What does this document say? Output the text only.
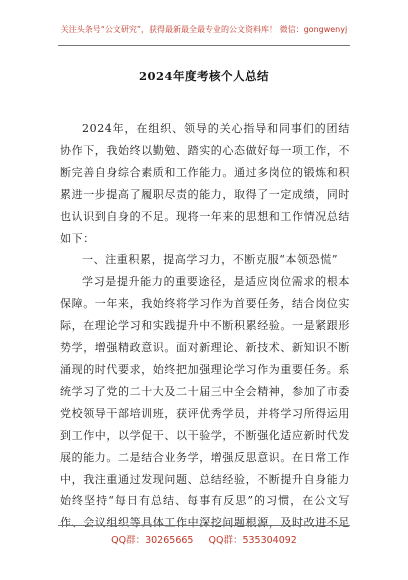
关注头条号“公文研究”，获得最新最全最专业的公文资料库！ 微信：gongwenyj
2024年度考核个人总结

2024年，在组织、领导的关心指导和同事们的团结协作下，我始终以勤勉、踏实的心态做好每一项工作，不断完善自身综合素质和工作能力。通过多岗位的锻炼和积累进一步提高了履职尽责的能力，取得了一定成绩，同时也认识到自身的不足。现将一年来的思想和工作情况总结如下：

一、注重积累，提高学习力，不断克服“本领恐慌”

学习是提升能力的重要途径，是适应岗位需求的根本保障。一年来，我始终将学习作为首要任务，结合岗位实际，在理论学习和实践提升中不断积累经验。一是紧跟形势学，增强精政意识。面对新理论、新技术、新知识不断涌现的时代要求，始终把加强理论学习作为重要任务。系统学习了党的二十大及二十届三中全会精神，参加了市委党校领导干部培训班，获评优秀学员，并将学习所得运用到工作中，以学促干、以干验学，不断强化适应新时代发展的能力。二是结合业务学，增强反思意识。在日常工作中，我注重通过发现问题、总结经验，不断提升自身能力始终坚持“每日有总结、每事有反思”的习惯，在公文写作、会议组织等具体工作中深挖问题根源，及时改进不足

QQ群：30265665 QQ群：535304092
